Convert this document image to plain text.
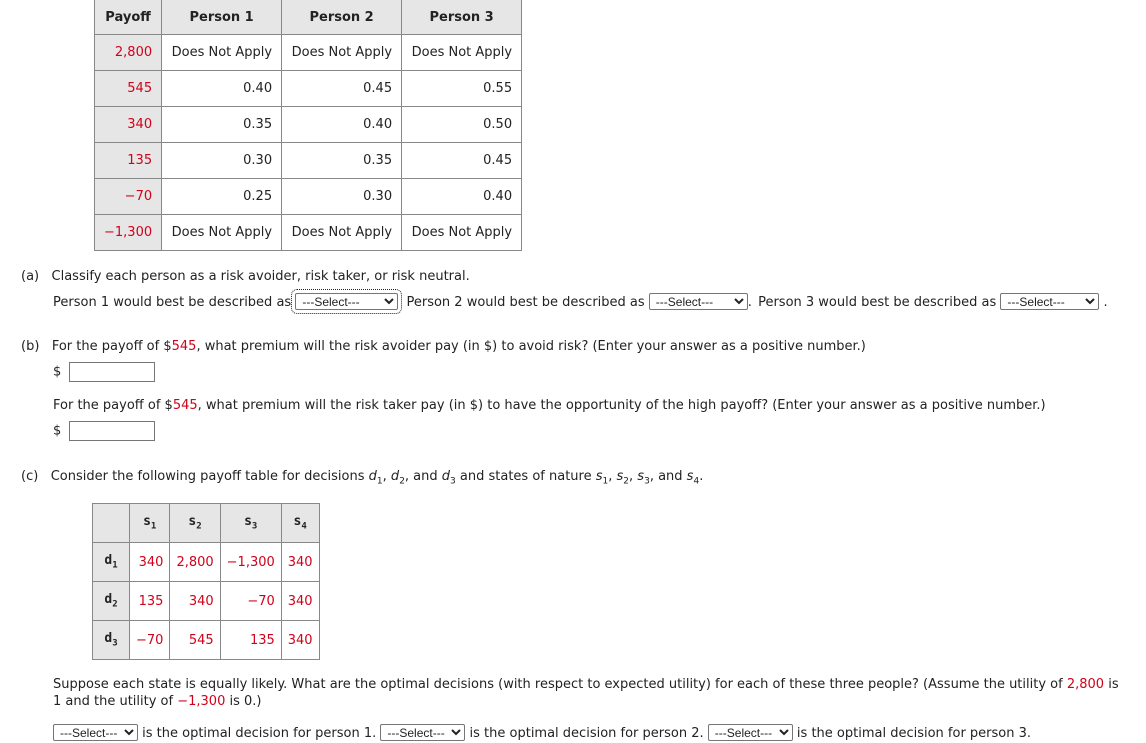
Payoff	Person 1	Person 2	Person 3
2,800	Does Not Apply	Does Not Apply	Does Not Apply
545	0.40	0.45	0.55
340	0.35	0.40	0.50
135	0.30	0.35	0.45
−70	0.25	0.30	0.40
−1,300	Does Not Apply	Does Not Apply	Does Not Apply
(a) Classify each person as a risk avoider, risk taker, or risk neutral.
Person 1 would best be described as
---Select---	Person 2 would best be described as
---Select---	. Person 3 would best be described as
---Select---	.
(b) For the payoff of $545, what premium will the risk avoider pay (in $) to avoid risk? (Enter your answer as a positive number.)
$
For the payoff of $545, what premium will the risk taker pay (in $) to have the opportunity of the high payoff? (Enter your answer as a positive number.)
$
(c) Consider the following payoff table for decisions $d_1$, $d_2$, and $d_3$ and states of nature $s_1$, $s_2$, $s_3$, and $s_4$.
	$s_1$	$s_2$	$s_3$	$s_4$
$d_1$	340	2,800	−1,300	340
$d_2$	135	340	−70	340
$d_3$	−70	545	135	340
Suppose each state is equally likely. What are the optimal decisions (with respect to expected utility) for each of these three people? (Assume the utility of 2,800 is 1 and the utility of −1,300 is 0.)
---Select--- is the optimal decision for person 1.
---Select---	is the optimal decision for person 2.
---Select---	is the optimal decision for person 3.
